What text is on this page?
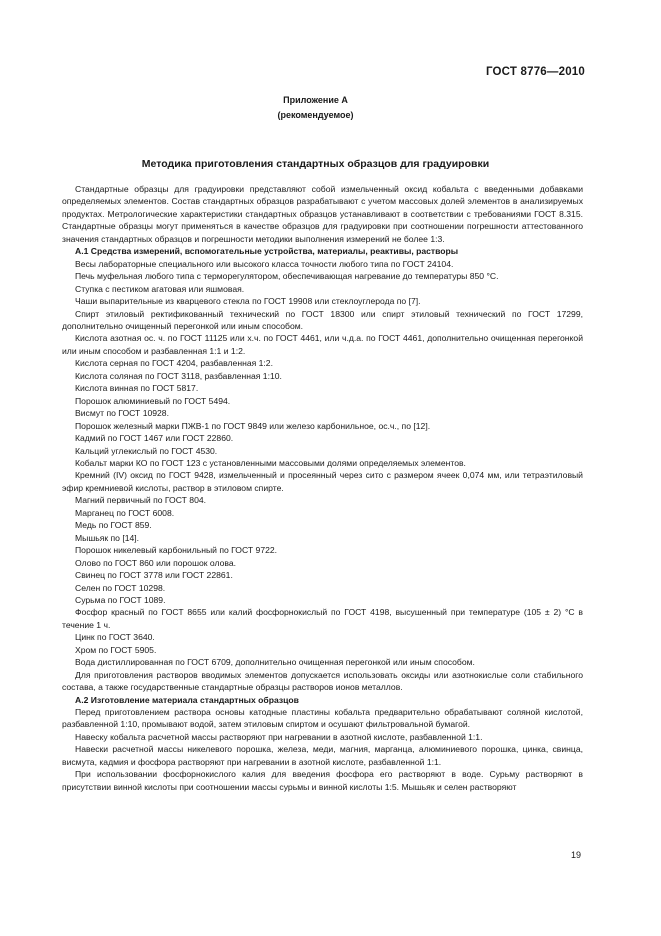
ГОСТ 8776—2010
Приложение А
(рекомендуемое)
Методика приготовления стандартных образцов для градуировки

Стандартные образцы для градуировки представляют собой измельченный оксид кобальта с введенными добавками определяемых элементов. Состав стандартных образцов разрабатывают с учетом массовых долей элементов в анализируемых продуктах. Метрологические характеристики стандартных образцов устанавливают в соответствии с требованиями ГОСТ 8.315. Стандартные образцы могут применяться в качестве образцов для градуировки при соотношении погрешности аттестованного значения стандартных образцов и погрешности методики выполнения измерений не более 1:3.

А.1 Средства измерений, вспомогательные устройства, материалы, реактивы, растворы

Весы лабораторные специального или высокого класса точности любого типа по ГОСТ 24104.

Печь муфельная любого типа с терморегулятором, обеспечивающая нагревание до температуры 850 °С.

Ступка с пестиком агатовая или яшмовая.

Чаши выпарительные из кварцевого стекла по ГОСТ 19908 или стеклоуглерода по [7].

Спирт этиловый ректификованный технический по ГОСТ 18300 или спирт этиловый технический по ГОСТ 17299, дополнительно очищенный перегонкой или иным способом.

Кислота азотная ос. ч. по ГОСТ 11125 или х.ч. по ГОСТ 4461, или ч.д.а. по ГОСТ 4461, дополнительно очищенная перегонкой или иным способом и разбавленная 1:1 и 1:2.

Кислота серная по ГОСТ 4204, разбавленная 1:2.

Кислота соляная по ГОСТ 3118, разбавленная 1:10.

Кислота винная по ГОСТ 5817.

Порошок алюминиевый по ГОСТ 5494.

Висмут по ГОСТ 10928.

Порошок железный марки ПЖВ-1 по ГОСТ 9849 или железо карбонильное, ос.ч., по [12].

Кадмий по ГОСТ 1467 или ГОСТ 22860.

Кальций углекислый по ГОСТ 4530.

Кобальт марки КО по ГОСТ 123 с установленными массовыми долями определяемых элементов.

Кремний (IV) оксид по ГОСТ 9428, измельченный и просеянный через сито с размером ячеек 0,074 мм, или тетраэтиловый эфир кремниевой кислоты, раствор в этиловом спирте.

Магний первичный по ГОСТ 804.

Марганец по ГОСТ 6008.

Медь по ГОСТ 859.

Мышьяк по [14].

Порошок никелевый карбонильный по ГОСТ 9722.

Олово по ГОСТ 860 или порошок олова.

Свинец по ГОСТ 3778 или ГОСТ 22861.

Селен по ГОСТ 10298.

Сурьма по ГОСТ 1089.

Фосфор красный по ГОСТ 8655 или калий фосфорнокислый по ГОСТ 4198, высушенный при температуре (105 ± 2) °С в течение 1 ч.

Цинк по ГОСТ 3640.

Хром по ГОСТ 5905.

Вода дистиллированная по ГОСТ 6709, дополнительно очищенная перегонкой или иным способом.

Для приготовления растворов вводимых элементов допускается использовать оксиды или азотнокислые соли стабильного состава, а также государственные стандартные образцы растворов ионов металлов.

А.2 Изготовление материала стандартных образцов

Перед приготовлением раствора основы катодные пластины кобальта предварительно обрабатывают соляной кислотой, разбавленной 1:10, промывают водой, затем этиловым спиртом и осушают фильтровальной бумагой.

Навеску кобальта расчетной массы растворяют при нагревании в азотной кислоте, разбавленной 1:1.

Навески расчетной массы никелевого порошка, железа, меди, магния, марганца, алюминиевого порошка, цинка, свинца, висмута, кадмия и фосфора растворяют при нагревании в азотной кислоте, разбавленной 1:1.

При использовании фосфорнокислого калия для введения фосфора его растворяют в воде. Сурьму растворяют в присутствии винной кислоты при соотношении массы сурьмы и винной кислоты 1:5. Мышьяк и селен растворяют

19
